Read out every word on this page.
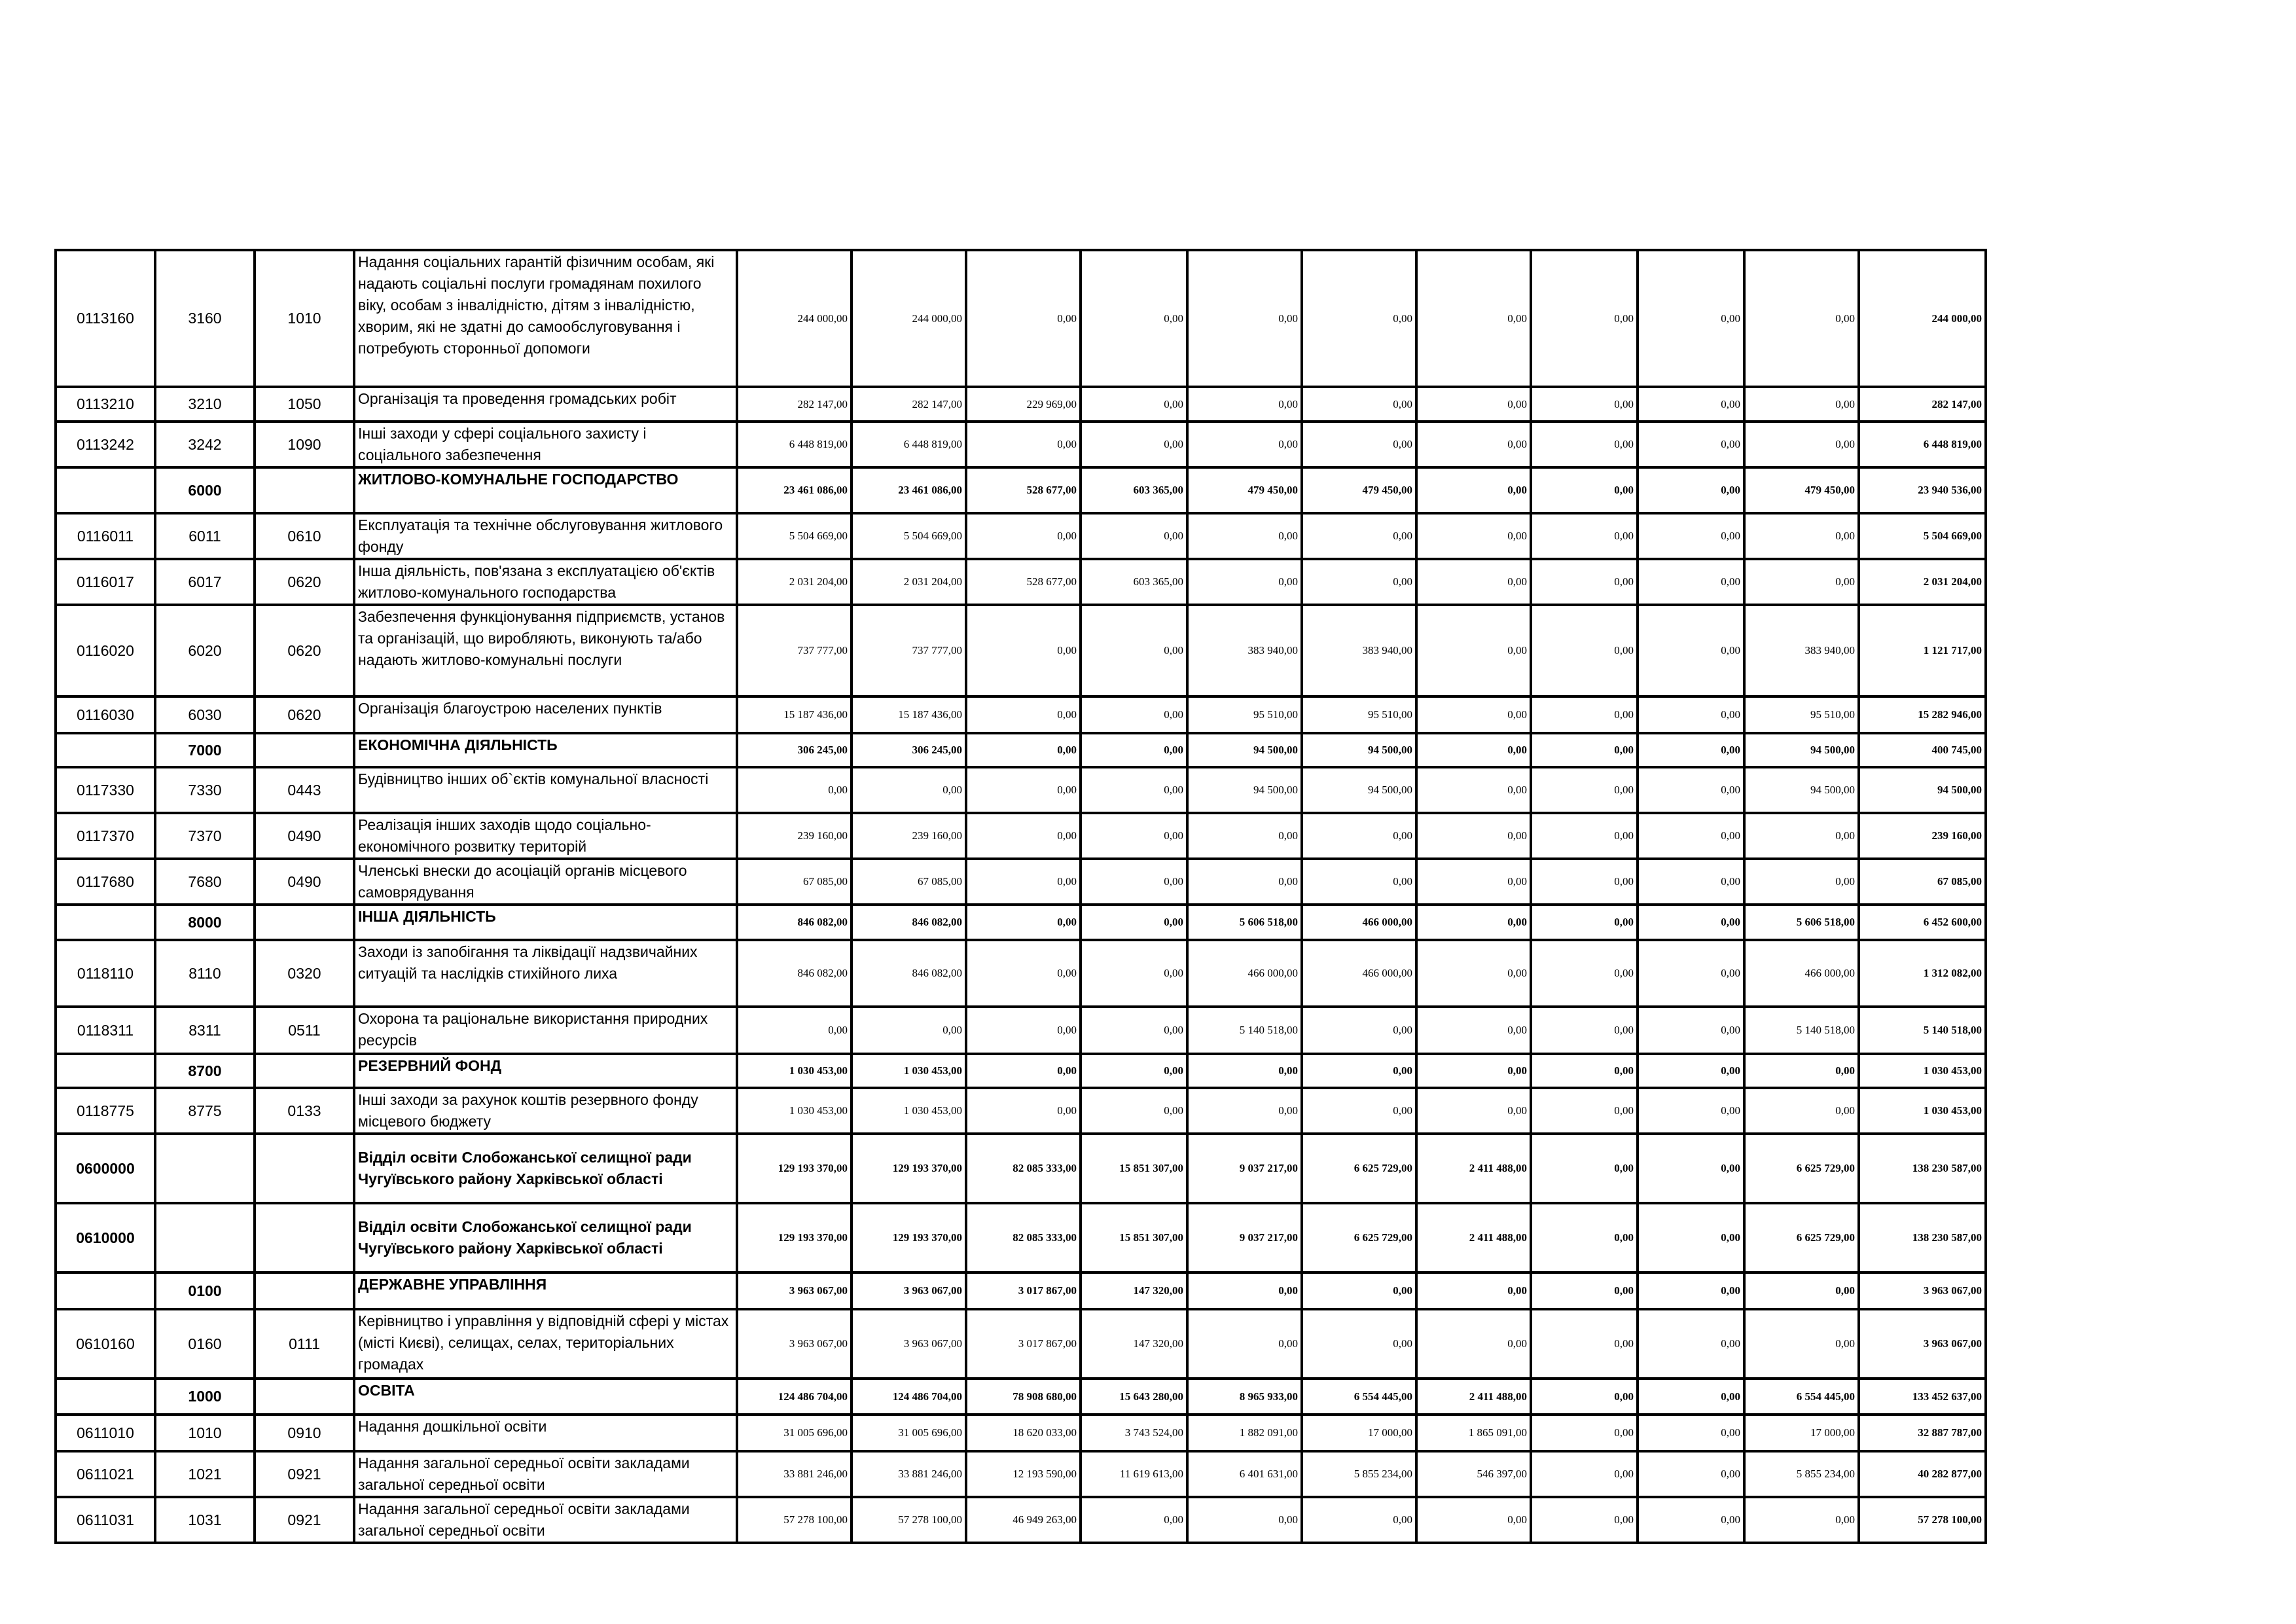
0113160	3160	1010	Надання соціальних гарантій фізичним особам, які надають соціальні послуги громадянам похилого віку, особам з інвалідністю, дітям з інвалідністю, хворим, які не здатні до самообслуговування і потребують сторонньої допомоги	244 000,00	244 000,00	0,00	0,00	0,00	0,00	0,00	0,00	0,00	0,00	244 000,00
0113210	3210	1050	Організація та проведення громадських робіт	282 147,00	282 147,00	229 969,00	0,00	0,00	0,00	0,00	0,00	0,00	0,00	282 147,00
0113242	3242	1090	Інші заходи у сфері соціального захисту і соціального забезпечення	6 448 819,00	6 448 819,00	0,00	0,00	0,00	0,00	0,00	0,00	0,00	0,00	6 448 819,00
	6000		ЖИТЛОВО-КОМУНАЛЬНЕ ГОСПОДАРСТВО	23 461 086,00	23 461 086,00	528 677,00	603 365,00	479 450,00	479 450,00	0,00	0,00	0,00	479 450,00	23 940 536,00
0116011	6011	0610	Експлуатація та технічне обслуговування житлового фонду	5 504 669,00	5 504 669,00	0,00	0,00	0,00	0,00	0,00	0,00	0,00	0,00	5 504 669,00
0116017	6017	0620	Інша діяльність, пов'язана з експлуатацією об'єктів житлово-комунального господарства	2 031 204,00	2 031 204,00	528 677,00	603 365,00	0,00	0,00	0,00	0,00	0,00	0,00	2 031 204,00
0116020	6020	0620	Забезпечення функціонування підприємств, установ та організацій, що виробляють, виконують та/або надають житлово-комунальні послуги	737 777,00	737 777,00	0,00	0,00	383 940,00	383 940,00	0,00	0,00	0,00	383 940,00	1 121 717,00
0116030	6030	0620	Організація благоустрою населених пунктів	15 187 436,00	15 187 436,00	0,00	0,00	95 510,00	95 510,00	0,00	0,00	0,00	95 510,00	15 282 946,00
	7000		ЕКОНОМІЧНА ДІЯЛЬНІСТЬ	306 245,00	306 245,00	0,00	0,00	94 500,00	94 500,00	0,00	0,00	0,00	94 500,00	400 745,00
0117330	7330	0443	Будівництво інших об`єктів комунальної власності	0,00	0,00	0,00	0,00	94 500,00	94 500,00	0,00	0,00	0,00	94 500,00	94 500,00
0117370	7370	0490	Реалізація інших заходів щодо соціально-економічного розвитку територій	239 160,00	239 160,00	0,00	0,00	0,00	0,00	0,00	0,00	0,00	0,00	239 160,00
0117680	7680	0490	Членські внески до асоціацій органів місцевого самоврядування	67 085,00	67 085,00	0,00	0,00	0,00	0,00	0,00	0,00	0,00	0,00	67 085,00
	8000		ІНША ДІЯЛЬНІСТЬ	846 082,00	846 082,00	0,00	0,00	5 606 518,00	466 000,00	0,00	0,00	0,00	5 606 518,00	6 452 600,00
0118110	8110	0320	Заходи із запобігання та ліквідації надзвичайних ситуацій та наслідків стихійного лиха	846 082,00	846 082,00	0,00	0,00	466 000,00	466 000,00	0,00	0,00	0,00	466 000,00	1 312 082,00
0118311	8311	0511	Охорона та раціональне використання природних ресурсів	0,00	0,00	0,00	0,00	5 140 518,00	0,00	0,00	0,00	0,00	5 140 518,00	5 140 518,00
	8700		РЕЗЕРВНИЙ ФОНД	1 030 453,00	1 030 453,00	0,00	0,00	0,00	0,00	0,00	0,00	0,00	0,00	1 030 453,00
0118775	8775	0133	Інші заходи за рахунок коштів резервного фонду місцевого бюджету	1 030 453,00	1 030 453,00	0,00	0,00	0,00	0,00	0,00	0,00	0,00	0,00	1 030 453,00
0600000			Відділ освіти Слобожанської селищної ради Чугуївського району Харківської області	129 193 370,00	129 193 370,00	82 085 333,00	15 851 307,00	9 037 217,00	6 625 729,00	2 411 488,00	0,00	0,00	6 625 729,00	138 230 587,00
0610000			Відділ освіти Слобожанської селищної ради Чугуївського району Харківської області	129 193 370,00	129 193 370,00	82 085 333,00	15 851 307,00	9 037 217,00	6 625 729,00	2 411 488,00	0,00	0,00	6 625 729,00	138 230 587,00
	0100		ДЕРЖАВНЕ УПРАВЛІННЯ	3 963 067,00	3 963 067,00	3 017 867,00	147 320,00	0,00	0,00	0,00	0,00	0,00	0,00	3 963 067,00
0610160	0160	0111	Керівництво і управління у відповідній сфері у містах (місті Києві), селищах, селах, територіальних громадах	3 963 067,00	3 963 067,00	3 017 867,00	147 320,00	0,00	0,00	0,00	0,00	0,00	0,00	3 963 067,00
	1000		ОСВІТА	124 486 704,00	124 486 704,00	78 908 680,00	15 643 280,00	8 965 933,00	6 554 445,00	2 411 488,00	0,00	0,00	6 554 445,00	133 452 637,00
0611010	1010	0910	Надання дошкільної освіти	31 005 696,00	31 005 696,00	18 620 033,00	3 743 524,00	1 882 091,00	17 000,00	1 865 091,00	0,00	0,00	17 000,00	32 887 787,00
0611021	1021	0921	Надання загальної середньої освіти закладами загальної середньої освіти	33 881 246,00	33 881 246,00	12 193 590,00	11 619 613,00	6 401 631,00	5 855 234,00	546 397,00	0,00	0,00	5 855 234,00	40 282 877,00
0611031	1031	0921	Надання загальної середньої освіти закладами загальної середньої освіти	57 278 100,00	57 278 100,00	46 949 263,00	0,00	0,00	0,00	0,00	0,00	0,00	0,00	57 278 100,00
